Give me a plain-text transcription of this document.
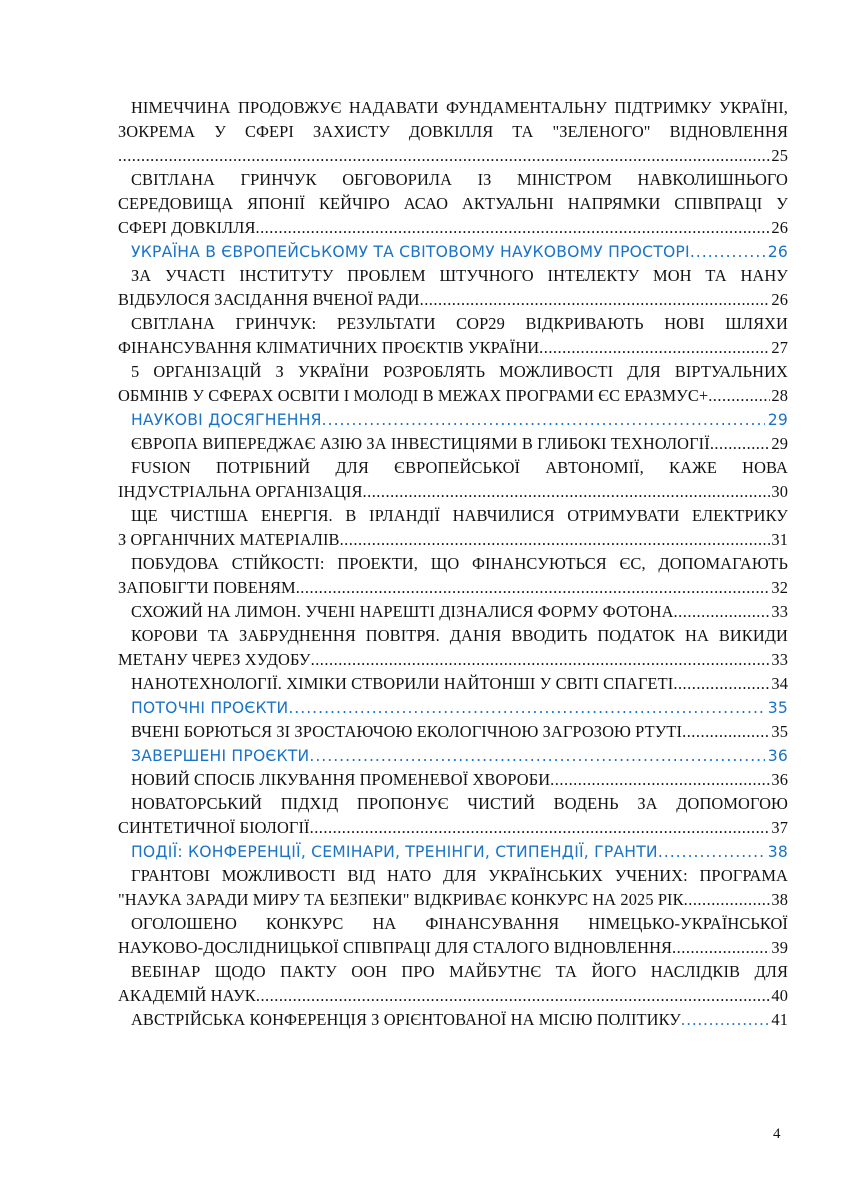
НІМЕЧЧИНА ПРОДОВЖУЄ НАДАВАТИ ФУНДАМЕНТАЛЬНУ ПІДТРИМКУ УКРАЇНІ, ЗОКРЕМА У СФЕРІ ЗАХИСТУ ДОВКІЛЛЯ ТА "ЗЕЛЕНОГО" ВІДНОВЛЕННЯ
.....
25
СВІТЛАНА ГРИНЧУК ОБГОВОРИЛА ІЗ МІНІСТРОМ НАВКОЛИШНЬОГО СЕРЕДОВИЩА ЯПОНІЇ КЕЙЧІРО АСАО АКТУАЛЬНІ НАПРЯМКИ СПІВПРАЦІ У
СФЕРІ ДОВКІЛЛЯ .....	26
УКРАЇНА В ЄВРОПЕЙСЬКОМУ ТА СВІТОВОМУ НАУКОВОМУ ПРОСТОРІ .....	26
ЗА УЧАСТІ ІНСТИТУТУ ПРОБЛЕМ ШТУЧНОГО ІНТЕЛЕКТУ МОН ТА НАНУ
ВІДБУЛОСЯ ЗАСІДАННЯ ВЧЕНОЇ РАДИ .....	26
СВІТЛАНА ГРИНЧУК: РЕЗУЛЬТАТИ COP29 ВІДКРИВАЮТЬ НОВІ ШЛЯХИ
ФІНАНСУВАННЯ КЛІМАТИЧНИХ ПРОЄКТІВ УКРАЇНИ .....	27
5 ОРГАНІЗАЦІЙ З УКРАЇНИ РОЗРОБЛЯТЬ МОЖЛИВОСТІ ДЛЯ ВІРТУАЛЬНИХ
ОБМІНІВ У СФЕРАХ ОСВІТИ І МОЛОДІ В МЕЖАХ ПРОГРАМИ ЄС ЕРАЗМУС+ .....	28
НАУКОВІ ДОСЯГНЕННЯ .....	29
ЄВРОПА ВИПЕРЕДЖАЄ АЗІЮ ЗА ІНВЕСТИЦІЯМИ В ГЛИБОКІ ТЕХНОЛОГІЇ .....	29
FUSION ПОТРІБНИЙ ДЛЯ ЄВРОПЕЙСЬКОЇ АВТОНОМІЇ, КАЖЕ НОВА
ІНДУСТРІАЛЬНА ОРГАНІЗАЦІЯ .....	30
ЩЕ ЧИСТІША ЕНЕРГІЯ. В ІРЛАНДІЇ НАВЧИЛИСЯ ОТРИМУВАТИ ЕЛЕКТРИКУ
З ОРГАНІЧНИХ МАТЕРІАЛІВ .....	31
ПОБУДОВА СТІЙКОСТІ: ПРОЕКТИ, ЩО ФІНАНСУЮТЬСЯ ЄС, ДОПОМАГАЮТЬ
ЗАПОБІГТИ ПОВЕНЯМ .....	32
СХОЖИЙ НА ЛИМОН. УЧЕНІ НАРЕШТІ ДІЗНАЛИСЯ ФОРМУ ФОТОНА .....	33
КОРОВИ ТА ЗАБРУДНЕННЯ ПОВІТРЯ. ДАНІЯ ВВОДИТЬ ПОДАТОК НА ВИКИДИ
МЕТАНУ ЧЕРЕЗ ХУДОБУ .....	33
НАНОТЕХНОЛОГІЇ. ХІМІКИ СТВОРИЛИ НАЙТОНШІ У СВІТІ СПАГЕТІ .....	34
ПОТОЧНІ ПРОЄКТИ .....	35
ВЧЕНІ БОРЮТЬСЯ ЗІ ЗРОСТАЮЧОЮ ЕКОЛОГІЧНОЮ ЗАГРОЗОЮ РТУТІ .....	35
ЗАВЕРШЕНІ ПРОЄКТИ .....	36
НОВИЙ СПОСІБ ЛІКУВАННЯ ПРОМЕНЕВОЇ ХВОРОБИ .....	36
НОВАТОРСЬКИЙ ПІДХІД ПРОПОНУЄ ЧИСТИЙ ВОДЕНЬ ЗА ДОПОМОГОЮ
СИНТЕТИЧНОЇ БІОЛОГІЇ .....	37
ПОДІЇ: КОНФЕРЕНЦІЇ, СЕМІНАРИ, ТРЕНІНГИ, СТИПЕНДІЇ, ГРАНТИ .....	38
ГРАНТОВІ МОЖЛИВОСТІ ВІД НАТО ДЛЯ УКРАЇНСЬКИХ УЧЕНИХ: ПРОГРАМА
"НАУКА ЗАРАДИ МИРУ ТА БЕЗПЕКИ" ВІДКРИВАЄ КОНКУРС НА 2025 РІК .....	38
ОГОЛОШЕНО КОНКУРС НА ФІНАНСУВАННЯ НІМЕЦЬКО-УКРАЇНСЬКОЇ
НАУКОВО-ДОСЛІДНИЦЬКОЇ СПІВПРАЦІ ДЛЯ СТАЛОГО ВІДНОВЛЕННЯ .....	39
ВЕБІНАР ЩОДО ПАКТУ ООН ПРО МАЙБУТНЄ ТА ЙОГО НАСЛІДКІВ ДЛЯ
АКАДЕМІЙ НАУК .....	40
АВСТРІЙСЬКА КОНФЕРЕНЦІЯ З ОРІЄНТОВАНОЇ НА МІСІЮ ПОЛІТИКУ .....	41
4
